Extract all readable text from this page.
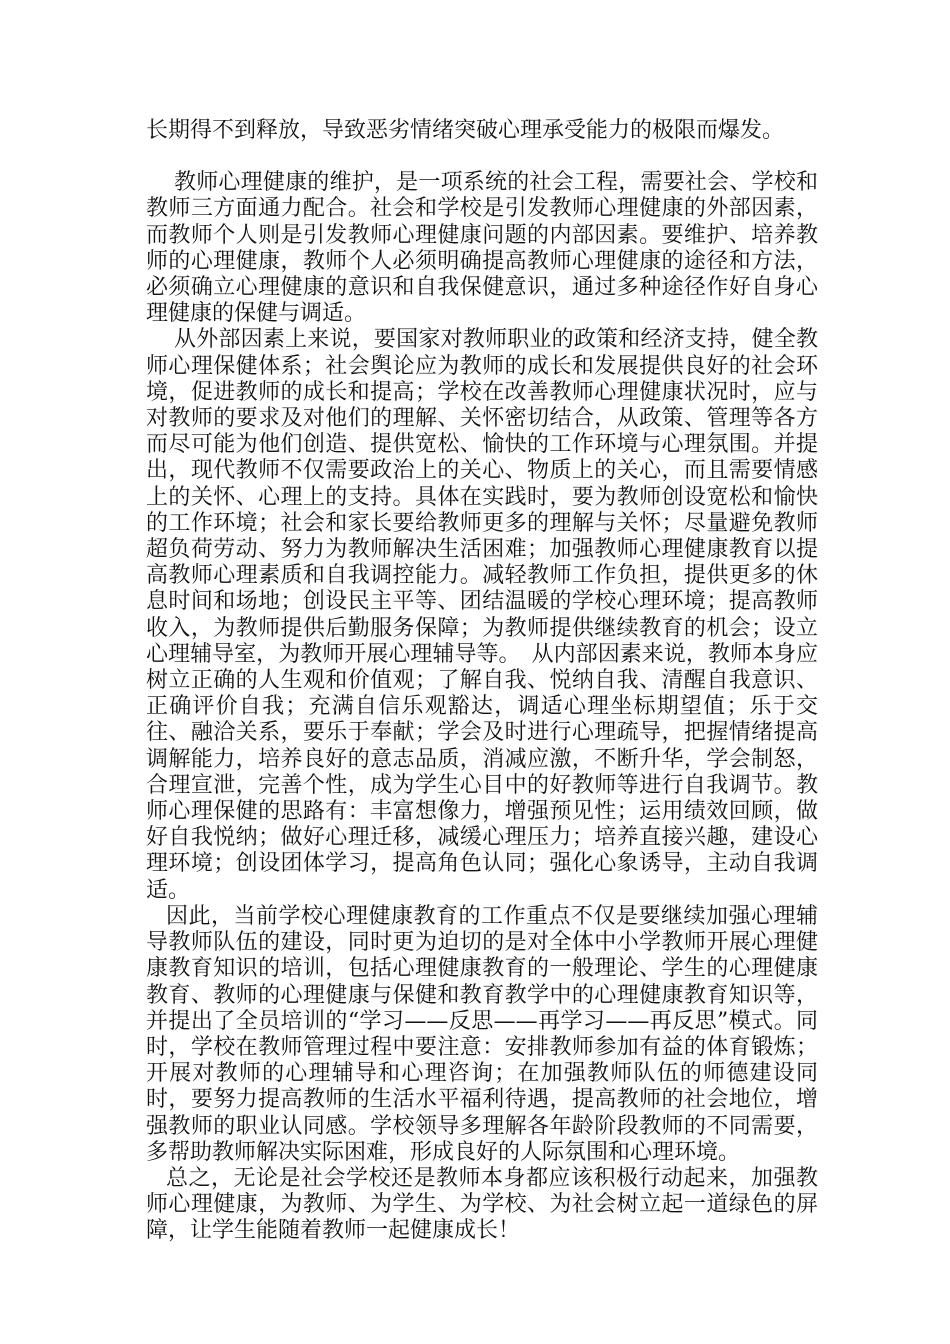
长期得不到释放，导致恶劣情绪突破心理承受能力的极限而爆发。

教师心理健康的维护，是一项系统的社会工程，需要社会、学校和教师三方面通力配合。社会和学校是引发教师心理健康的外部因素，而教师个人则是引发教师心理健康问题的内部因素。要维护、培养教师的心理健康，教师个人必须明确提高教师心理健康的途径和方法，必须确立心理健康的意识和自我保健意识，通过多种途径作好自身心理健康的保健与调适。

从外部因素上来说，要国家对教师职业的政策和经济支持，健全教师心理保健体系；社会舆论应为教师的成长和发展提供良好的社会环境，促进教师的成长和提高；学校在改善教师心理健康状况时，应与对教师的要求及对他们的理解、关怀密切结合，从政策、管理等各方而尽可能为他们创造、提供宽松、愉快的工作环境与心理氛围。并提出，现代教师不仅需要政治上的关心、物质上的关心，而且需要情感上的关怀、心理上的支持。具体在实践时，要为教师创设宽松和愉快的工作环境；社会和家长要给教师更多的理解与关怀；尽量避免教师超负荷劳动、努力为教师解决生活困难；加强教师心理健康教育以提高教师心理素质和自我调控能力。减轻教师工作负担，提供更多的休息时间和场地；创设民主平等、团结温暖的学校心理环境；提高教师收入，为教师提供后勤服务保障；为教师提供继续教育的机会；设立心理辅导室，为教师开展心理辅导等。　从内部因素来说，教师本身应树立正确的人生观和价值观；了解自我、悦纳自我、清醒自我意识、正确评价自我；充满自信乐观豁达，调适心理坐标期望值；乐于交往、融洽关系，要乐于奉献；学会及时进行心理疏导，把握情绪提高调解能力，培养良好的意志品质，消减应激，不断升华，学会制怒，合理宣泄，完善个性，成为学生心目中的好教师等进行自我调节。教师心理保健的思路有：丰富想像力，增强预见性；运用绩效回顾，做好自我悦纳；做好心理迁移，减缓心理压力；培养直接兴趣，建设心理环境；创设团体学习，提高角色认同；强化心象诱导，主动自我调适。

因此，当前学校心理健康教育的工作重点不仅是要继续加强心理辅导教师队伍的建设，同时更为迫切的是对全体中小学教师开展心理健康教育知识的培训，包括心理健康教育的一般理论、学生的心理健康教育、教师的心理健康与保健和教育教学中的心理健康教育知识等，并提出了全员培训的“学习——反思——再学习——再反思”模式。同时，学校在教师管理过程中要注意：安排教师参加有益的体育锻炼；开展对教师的心理辅导和心理咨询；在加强教师队伍的师德建设同时，要努力提高教师的生活水平福利待遇，提高教师的社会地位，增强教师的职业认同感。学校领导多理解各年龄阶段教师的不同需要，多帮助教师解决实际困难，形成良好的人际氛围和心理环境。

总之，无论是社会学校还是教师本身都应该积极行动起来，加强教师心理健康，为教师、为学生、为学校、为社会树立起一道绿色的屏障，让学生能随着教师一起健康成长！
